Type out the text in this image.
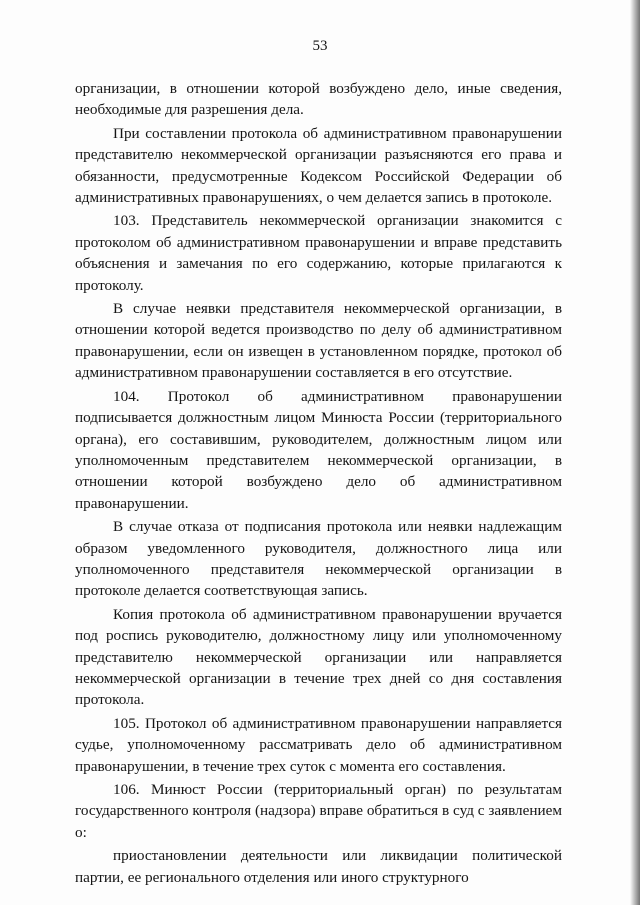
53

организации, в отношении которой возбуждено дело, иные сведения, необходимые для разрешения дела.

При составлении протокола об административном правонарушении представителю некоммерческой организации разъясняются его права и обязанности, предусмотренные Кодексом Российской Федерации об административных правонарушениях, о чем делается запись в протоколе.

103. Представитель некоммерческой организации знакомится с протоколом об административном правонарушении и вправе представить объяснения и замечания по его содержанию, которые прилагаются к протоколу.

В случае неявки представителя некоммерческой организации, в отношении которой ведется производство по делу об административном правонарушении, если он извещен в установленном порядке, протокол об административном правонарушении составляется в его отсутствие.

104. Протокол об административном правонарушении подписывается должностным лицом Минюста России (территориального органа), его составившим, руководителем, должностным лицом или уполномоченным представителем некоммерческой организации, в отношении которой возбуждено дело об административном правонарушении.

В случае отказа от подписания протокола или неявки надлежащим образом уведомленного руководителя, должностного лица или уполномоченного представителя некоммерческой организации в протоколе делается соответствующая запись.

Копия протокола об административном правонарушении вручается под роспись руководителю, должностному лицу или уполномоченному представителю некоммерческой организации или направляется некоммерческой организации в течение трех дней со дня составления протокола.

105. Протокол об административном правонарушении направляется судье, уполномоченному рассматривать дело об административном правонарушении, в течение трех суток с момента его составления.

106. Минюст России (территориальный орган) по результатам государственного контроля (надзора) вправе обратиться в суд с заявлением о:

приостановлении деятельности или ликвидации политической партии, ее регионального отделения или иного структурного
